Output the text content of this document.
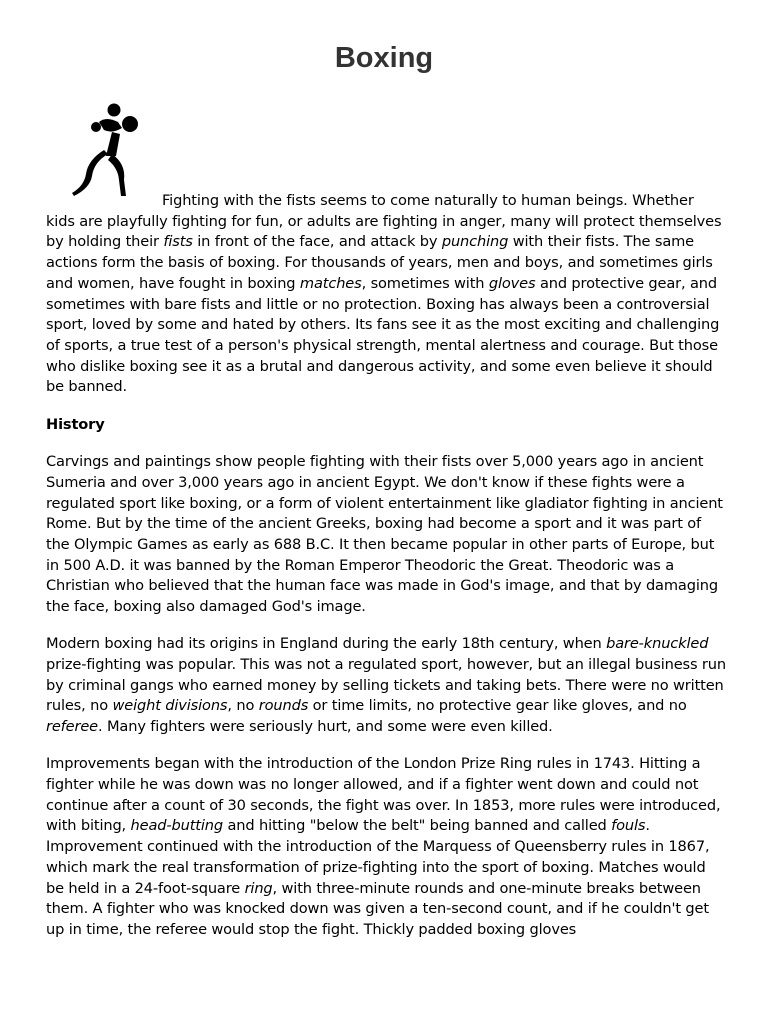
Boxing

Fighting with the fists seems to come naturally to human beings. Whether kids are playfully fighting for fun, or adults are fighting in anger, many will protect themselves by holding their fists in front of the face, and attack by punching with their fists. The same actions form the basis of boxing. For thousands of years, men and boys, and sometimes girls and women, have fought in boxing matches, sometimes with gloves and protective gear, and sometimes with bare fists and little or no protection. Boxing has always been a controversial sport, loved by some and hated by others. Its fans see it as the most exciting and challenging of sports, a true test of a person's physical strength, mental alertness and courage. But those who dislike boxing see it as a brutal and dangerous activity, and some even believe it should be banned.

History

Carvings and paintings show people fighting with their fists over 5,000 years ago in ancient Sumeria and over 3,000 years ago in ancient Egypt. We don't know if these fights were a regulated sport like boxing, or a form of violent entertainment like gladiator fighting in ancient Rome. But by the time of the ancient Greeks, boxing had become a sport and it was part of the Olympic Games as early as 688 B.C. It then became popular in other parts of Europe, but in 500 A.D. it was banned by the Roman Emperor Theodoric the Great. Theodoric was a Christian who believed that the human face was made in God's image, and that by damaging the face, boxing also damaged God's image.

Modern boxing had its origins in England during the early 18th century, when bare-knuckled prize-fighting was popular. This was not a regulated sport, however, but an illegal business run by criminal gangs who earned money by selling tickets and taking bets. There were no written rules, no weight divisions, no rounds or time limits, no protective gear like gloves, and no referee. Many fighters were seriously hurt, and some were even killed.

Improvements began with the introduction of the London Prize Ring rules in 1743. Hitting a fighter while he was down was no longer allowed, and if a fighter went down and could not continue after a count of 30 seconds, the fight was over. In 1853, more rules were introduced, with biting, head-butting and hitting "below the belt" being banned and called fouls. Improvement continued with the introduction of the Marquess of Queensberry rules in 1867, which mark the real transformation of prize-fighting into the sport of boxing. Matches would be held in a 24-foot-square ring, with three-minute rounds and one-minute breaks between them. A fighter who was knocked down was given a ten-second count, and if he couldn't get up in time, the referee would stop the fight. Thickly padded boxing gloves
